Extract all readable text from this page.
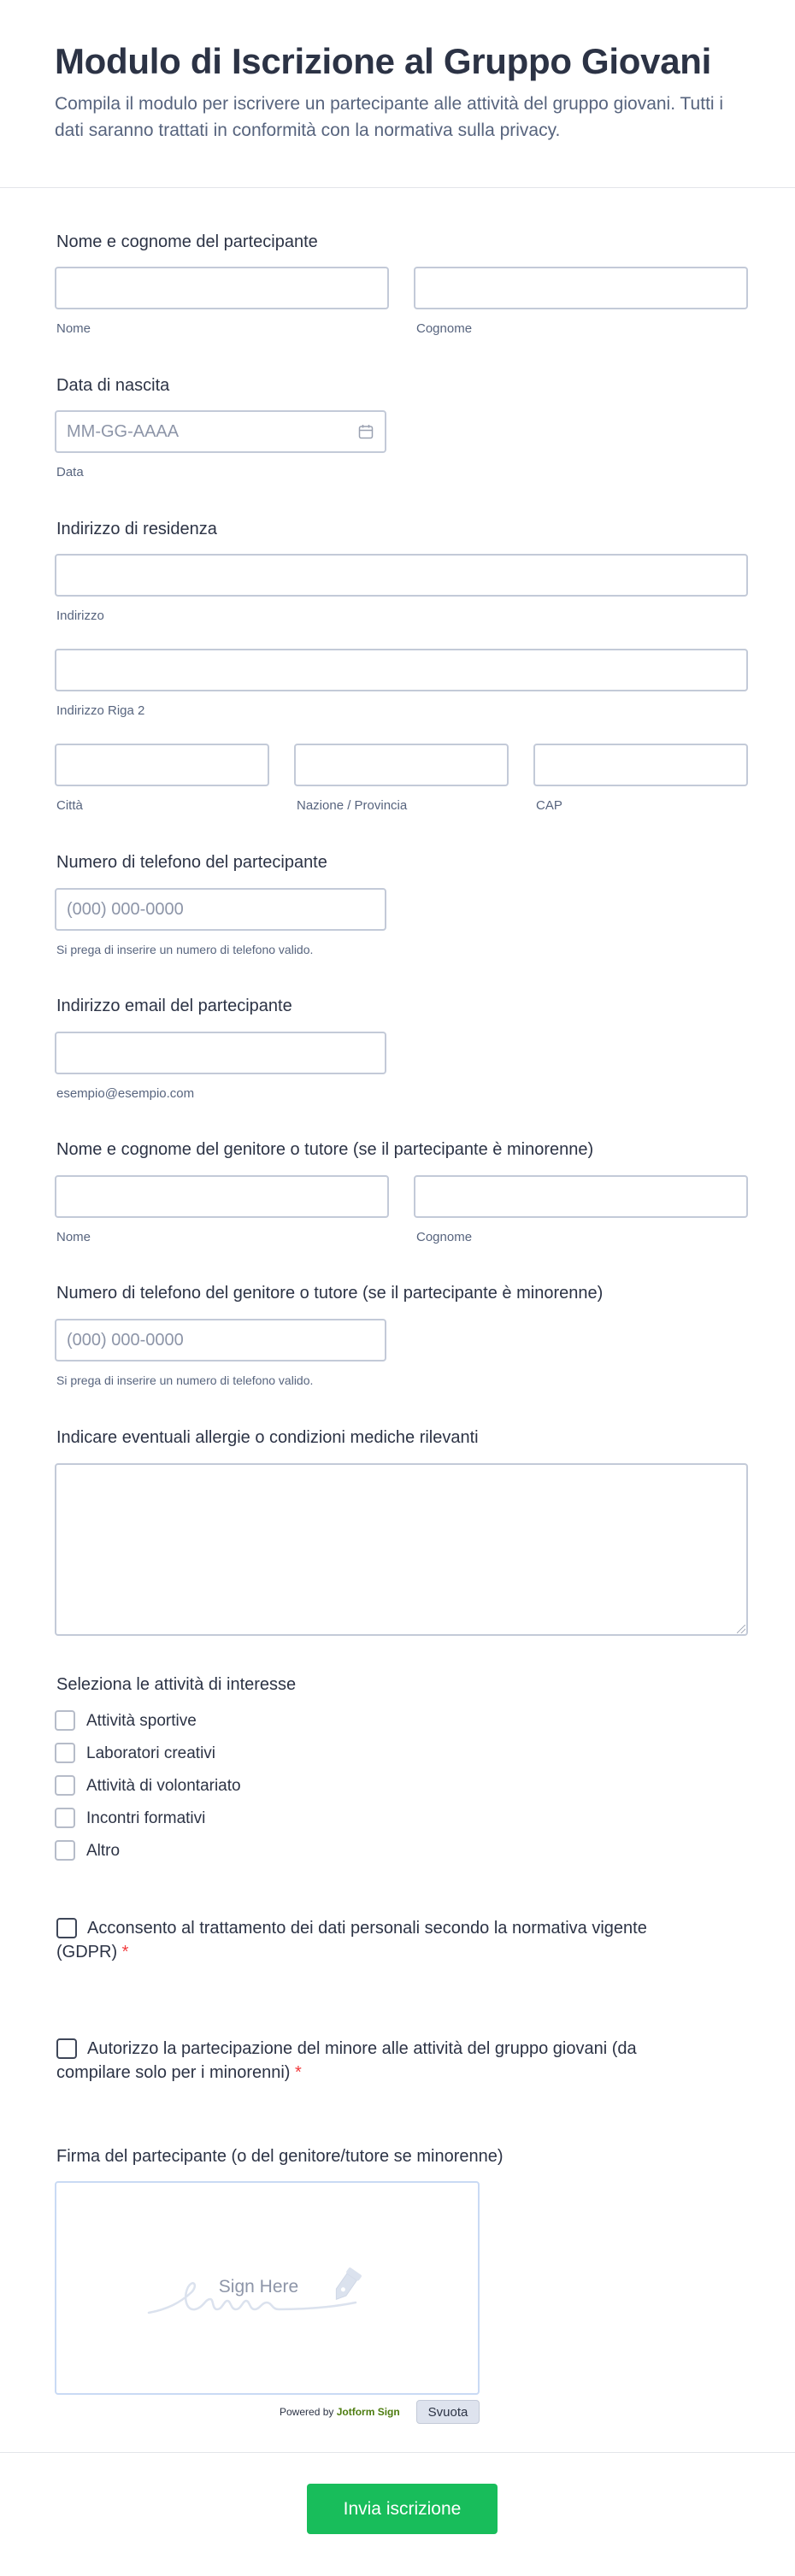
Modulo di Iscrizione al Gruppo Giovani

Compila il modulo per iscrivere un partecipante alle attività del gruppo giovani. Tutti i dati saranno trattati in conformità con la normativa sulla privacy.

Nome e cognome del partecipante
Nome	Cognome
Data di nascita
MM-GG-AAAA
Data
Indirizzo di residenza
Indirizzo
Indirizzo Riga 2
Città	Nazione / Provincia	CAP
Numero di telefono del partecipante
(000) 000-0000
Si prega di inserire un numero di telefono valido.
Indirizzo email del partecipante
esempio@esempio.com
Nome e cognome del genitore o tutore (se il partecipante è minorenne)
Nome	Cognome
Numero di telefono del genitore o tutore (se il partecipante è minorenne)
(000) 000-0000
Si prega di inserire un numero di telefono valido.
Indicare eventuali allergie o condizioni mediche rilevanti
Seleziona le attività di interesse
Attività sportive
Laboratori creativi
Attività di volontariato
Incontri formativi
Altro
Acconsento al trattamento dei dati personali secondo la normativa vigente (GDPR) *
Autorizzo la partecipazione del minore alle attività del gruppo giovani (da compilare solo per i minorenni) *
Firma del partecipante (o del genitore/tutore se minorenne)
Sign Here
Powered by Jotform Sign	Svuota
Invia iscrizione
